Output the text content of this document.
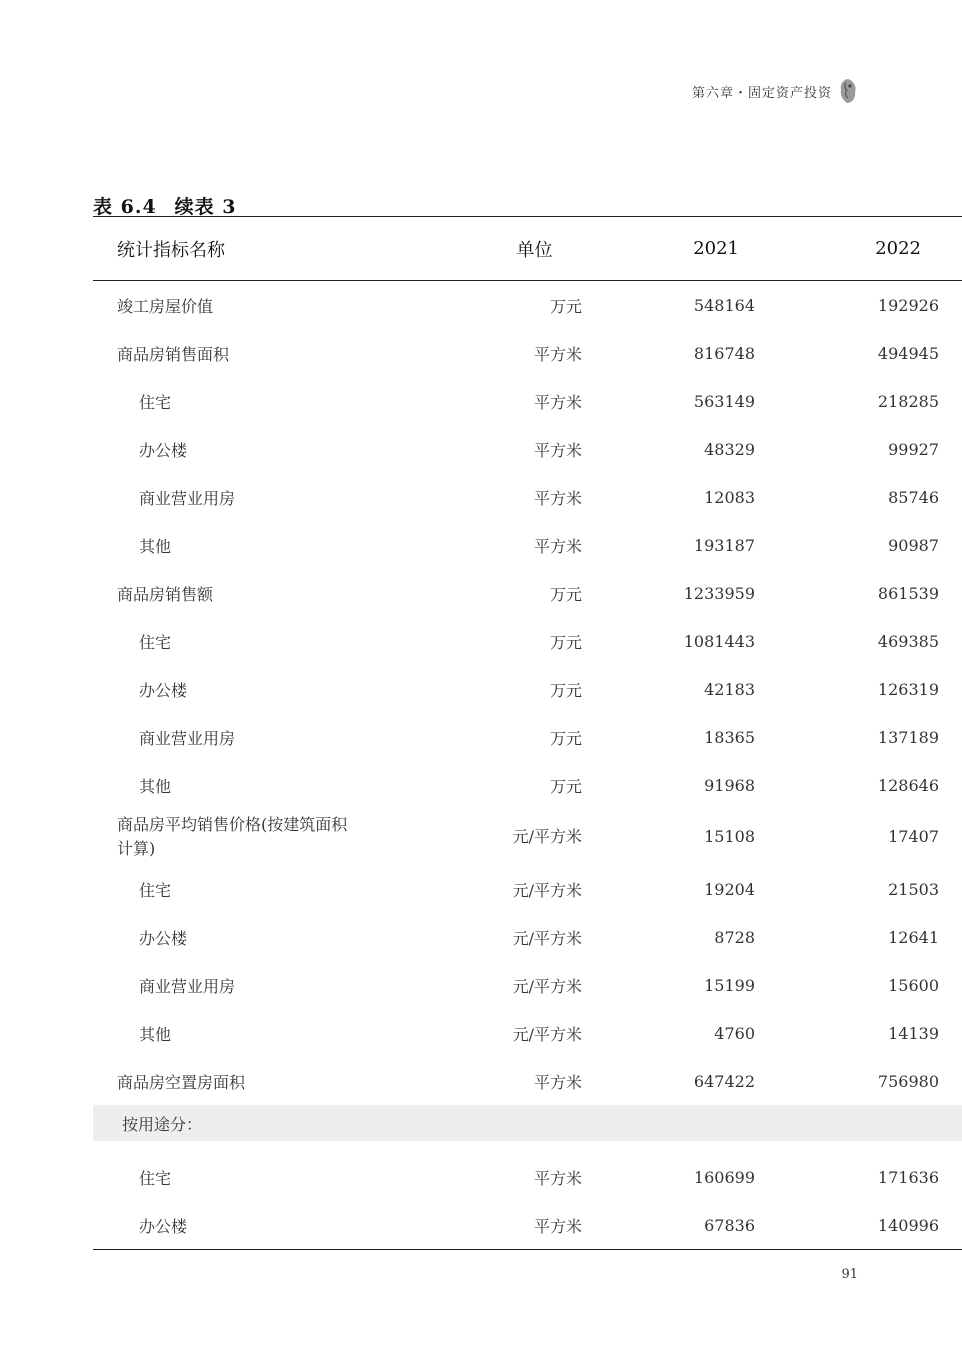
第六章・固定资产投资
表 6.4 续表 3
统计指标名称	单位	2021	2022
竣工房屋价值	万元	548164	192926
商品房销售面积	平方米	816748	494945
住宅	平方米	563149	218285
办公楼	平方米	48329	99927
商业营业用房	平方米	12083	85746
其他	平方米	193187	90987
商品房销售额	万元	1233959	861539
住宅	万元	1081443	469385
办公楼	万元	42183	126319
商业营业用房	万元	18365	137189
其他	万元	91968	128646
商品房平均销售价格(按建筑面积
计算)	元/平方米	15108	17407
住宅	元/平方米	19204	21503
办公楼	元/平方米	8728	12641
商业营业用房	元/平方米	15199	15600
其他	元/平方米	4760	14139
商品房空置房面积	平方米	647422	756980
按用途分：			

住宅	平方米	160699	171636
办公楼	平方米	67836	140996
91
